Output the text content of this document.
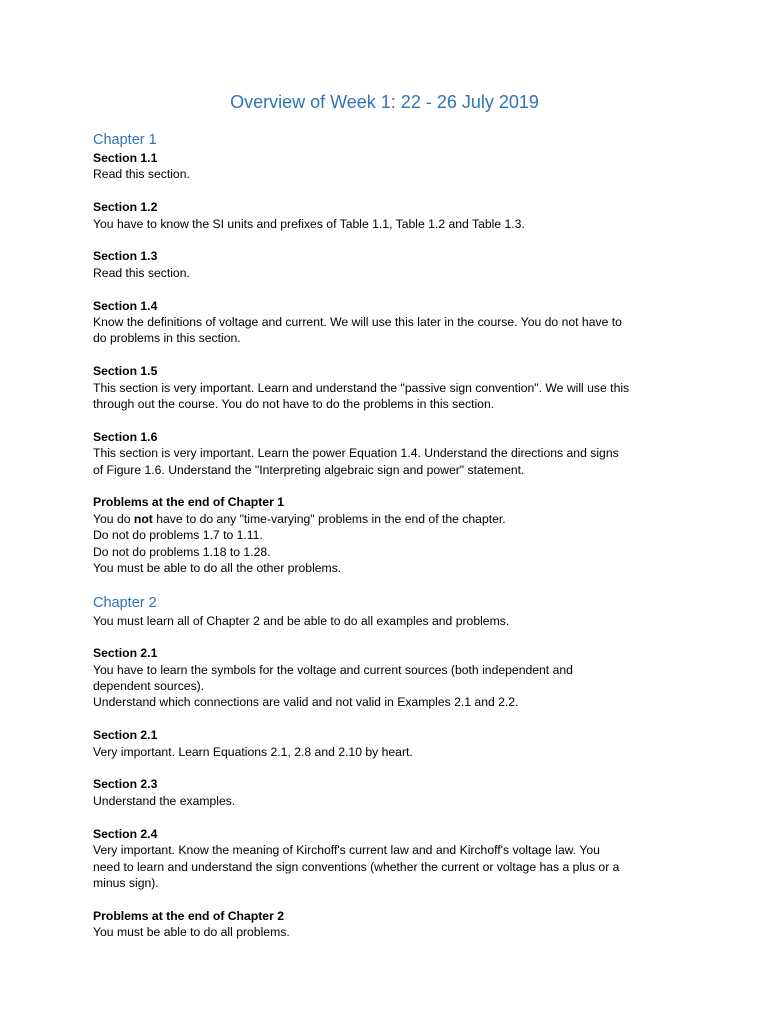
Overview of Week 1: 22 - 26 July 2019
Chapter 1
Section 1.1
Read this section.
Section 1.2
You have to know the SI units and prefixes of Table 1.1, Table 1.2 and Table 1.3.
Section 1.3
Read this section.
Section 1.4
Know the definitions of voltage and current. We will use this later in the course. You do not have to
do problems in this section.
Section 1.5
This section is very important. Learn and understand the "passive sign convention". We will use this
through out the course. You do not have to do the problems in this section.
Section 1.6
This section is very important. Learn the power Equation 1.4. Understand the directions and signs
of Figure 1.6. Understand the "Interpreting algebraic sign and power" statement.
Problems at the end of Chapter 1
You do not have to do any "time-varying" problems in the end of the chapter.
Do not do problems 1.7 to 1.11.
Do not do problems 1.18 to 1.28.
You must be able to do all the other problems.
Chapter 2

You must learn all of Chapter 2 and be able to do all examples and problems.

Section 2.1
You have to learn the symbols for the voltage and current sources (both independent and
dependent sources).
Understand which connections are valid and not valid in Examples 2.1 and 2.2.
Section 2.1
Very important. Learn Equations 2.1, 2.8 and 2.10 by heart.
Section 2.3
Understand the examples.
Section 2.4
Very important. Know the meaning of Kirchoff's current law and and Kirchoff's voltage law. You
need to learn and understand the sign conventions (whether the current or voltage has a plus or a
minus sign).
Problems at the end of Chapter 2
You must be able to do all problems.
